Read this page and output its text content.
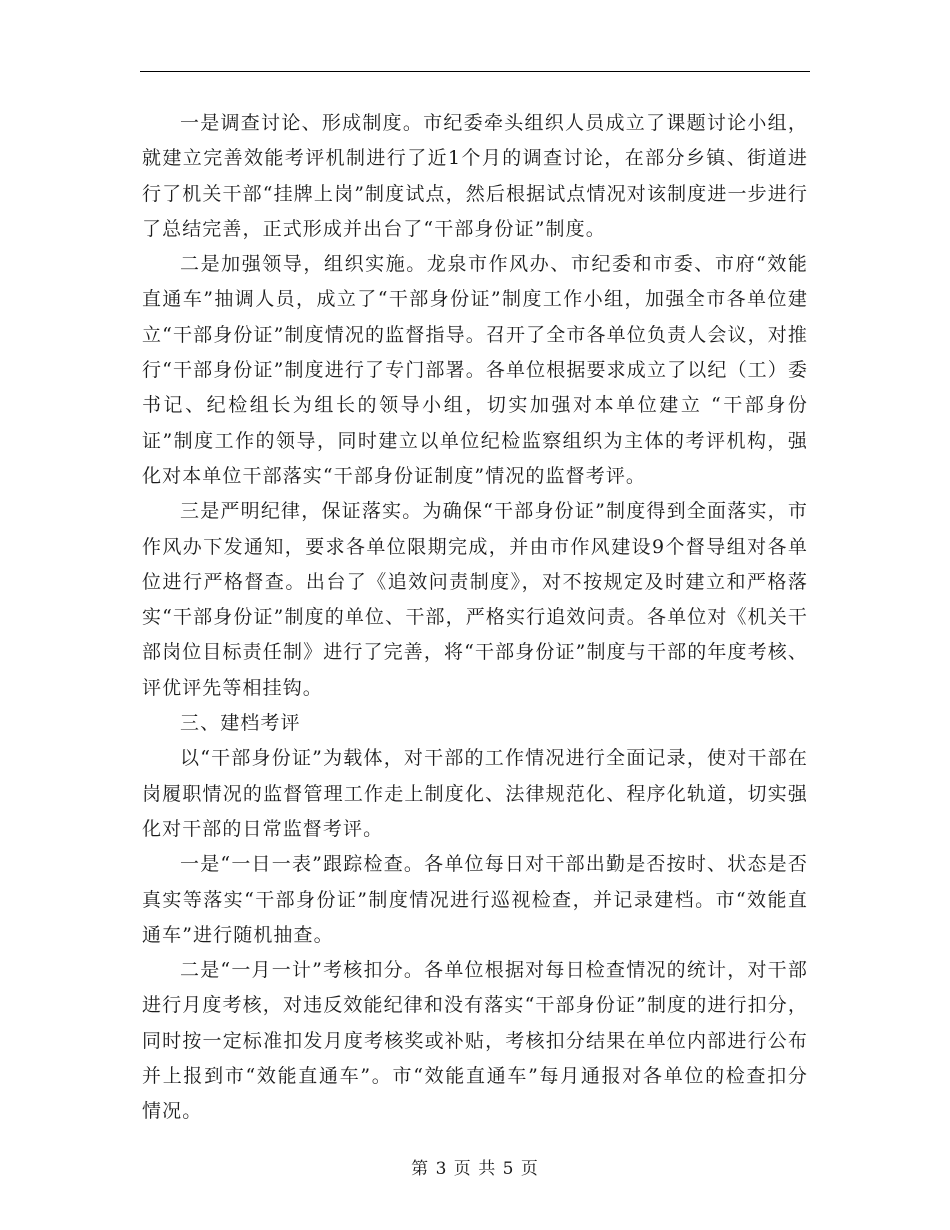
一是调查讨论、形成制度。市纪委牵头组织人员成立了课题讨论小组，就建立完善效能考评机制进行了近1个月的调查讨论，在部分乡镇、街道进行了机关干部“挂牌上岗”制度试点，然后根据试点情况对该制度进一步进行了总结完善，正式形成并出台了“干部身份证”制度。

二是加强领导，组织实施。龙泉市作风办、市纪委和市委、市府“效能直通车”抽调人员，成立了“干部身份证”制度工作小组，加强全市各单位建立“干部身份证”制度情况的监督指导。召开了全市各单位负责人会议，对推行“干部身份证”制度进行了专门部署。各单位根据要求成立了以纪（工）委书记、纪检组长为组长的领导小组，切实加强对本单位建立 “干部身份证”制度工作的领导，同时建立以单位纪检监察组织为主体的考评机构，强化对本单位干部落实“干部身份证制度”情况的监督考评。

三是严明纪律，保证落实。为确保“干部身份证”制度得到全面落实，市作风办下发通知，要求各单位限期完成，并由市作风建设9个督导组对各单位进行严格督查。出台了《追效问责制度》，对不按规定及时建立和严格落实“干部身份证”制度的单位、干部，严格实行追效问责。各单位对《机关干部岗位目标责任制》进行了完善，将“干部身份证”制度与干部的年度考核、评优评先等相挂钩。

三、建档考评

以“干部身份证”为载体，对干部的工作情况进行全面记录，使对干部在岗履职情况的监督管理工作走上制度化、法律规范化、程序化轨道，切实强化对干部的日常监督考评。

一是“一日一表”跟踪检查。各单位每日对干部出勤是否按时、状态是否真实等落实“干部身份证”制度情况进行巡视检查，并记录建档。市“效能直通车”进行随机抽查。

二是“一月一计”考核扣分。各单位根据对每日检查情况的统计，对干部进行月度考核，对违反效能纪律和没有落实“干部身份证”制度的进行扣分，同时按一定标准扣发月度考核奖或补贴，考核扣分结果在单位内部进行公布并上报到市“效能直通车”。市“效能直通车”每月通报对各单位的检查扣分情况。

第 3 页 共 5 页
